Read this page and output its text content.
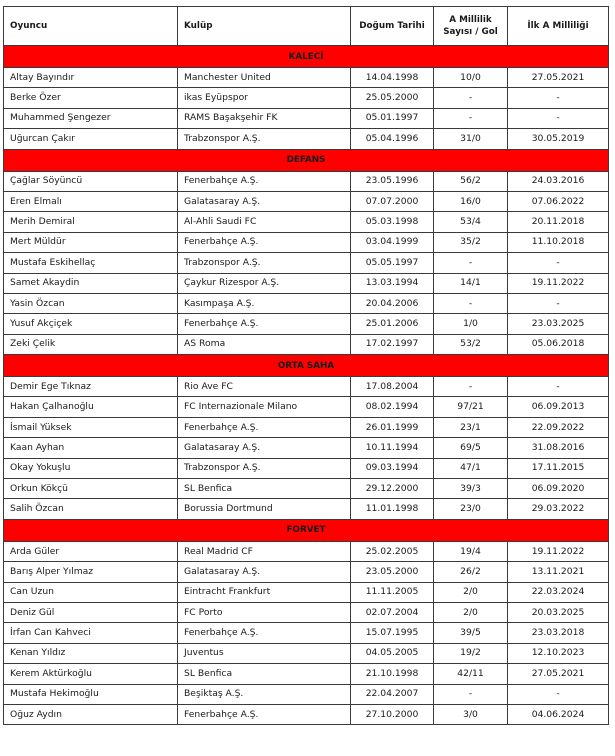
Oyuncu	Kulüp	Doğum Tarihi	A Millilik Sayısı / Gol	İlk A Milliliği
KALECİ				
Altay Bayındır	Manchester United	14.04.1998	10/0	27.05.2021
Berke Özer	ikas Eyüpspor	25.05.2000	-	-
Muhammed Şengezer	RAMS Başakşehir FK	05.01.1997	-	-
Uğurcan Çakır	Trabzonspor A.Ş.	05.04.1996	31/0	30.05.2019
DEFANS				
Çağlar Söyüncü	Fenerbahçe A.Ş.	23.05.1996	56/2	24.03.2016
Eren Elmalı	Galatasaray A.Ş.	07.07.2000	16/0	07.06.2022
Merih Demiral	Al-Ahli Saudi FC	05.03.1998	53/4	20.11.2018
Mert Müldür	Fenerbahçe A.Ş.	03.04.1999	35/2	11.10.2018
Mustafa Eskihellaç	Trabzonspor A.Ş.	05.05.1997	-	-
Samet Akaydin	Çaykur Rizespor A.Ş.	13.03.1994	14/1	19.11.2022
Yasin Özcan	Kasımpaşa A.Ş.	20.04.2006	-	-
Yusuf Akçiçek	Fenerbahçe A.Ş.	25.01.2006	1/0	23.03.2025
Zeki Çelik	AS Roma	17.02.1997	53/2	05.06.2018
ORTA SAHA				
Demir Ege Tıknaz	Rio Ave FC	17.08.2004	-	-
Hakan Çalhanoğlu	FC Internazionale Milano	08.02.1994	97/21	06.09.2013
İsmail Yüksek	Fenerbahçe A.Ş.	26.01.1999	23/1	22.09.2022
Kaan Ayhan	Galatasaray A.Ş.	10.11.1994	69/5	31.08.2016
Okay Yokuşlu	Trabzonspor A.Ş.	09.03.1994	47/1	17.11.2015
Orkun Kökçü	SL Benfica	29.12.2000	39/3	06.09.2020
Salih Özcan	Borussia Dortmund	11.01.1998	23/0	29.03.2022
FORVET				
Arda Güler	Real Madrid CF	25.02.2005	19/4	19.11.2022
Barış Alper Yılmaz	Galatasaray A.Ş.	23.05.2000	26/2	13.11.2021
Can Uzun	Eintracht Frankfurt	11.11.2005	2/0	22.03.2024
Deniz Gül	FC Porto	02.07.2004	2/0	20.03.2025
İrfan Can Kahveci	Fenerbahçe A.Ş.	15.07.1995	39/5	23.03.2018
Kenan Yıldız	Juventus	04.05.2005	19/2	12.10.2023
Kerem Aktürkoğlu	SL Benfica	21.10.1998	42/11	27.05.2021
Mustafa Hekimoğlu	Beşiktaş A.Ş.	22.04.2007	-	-
Oğuz Aydın	Fenerbahçe A.Ş.	27.10.2000	3/0	04.06.2024
